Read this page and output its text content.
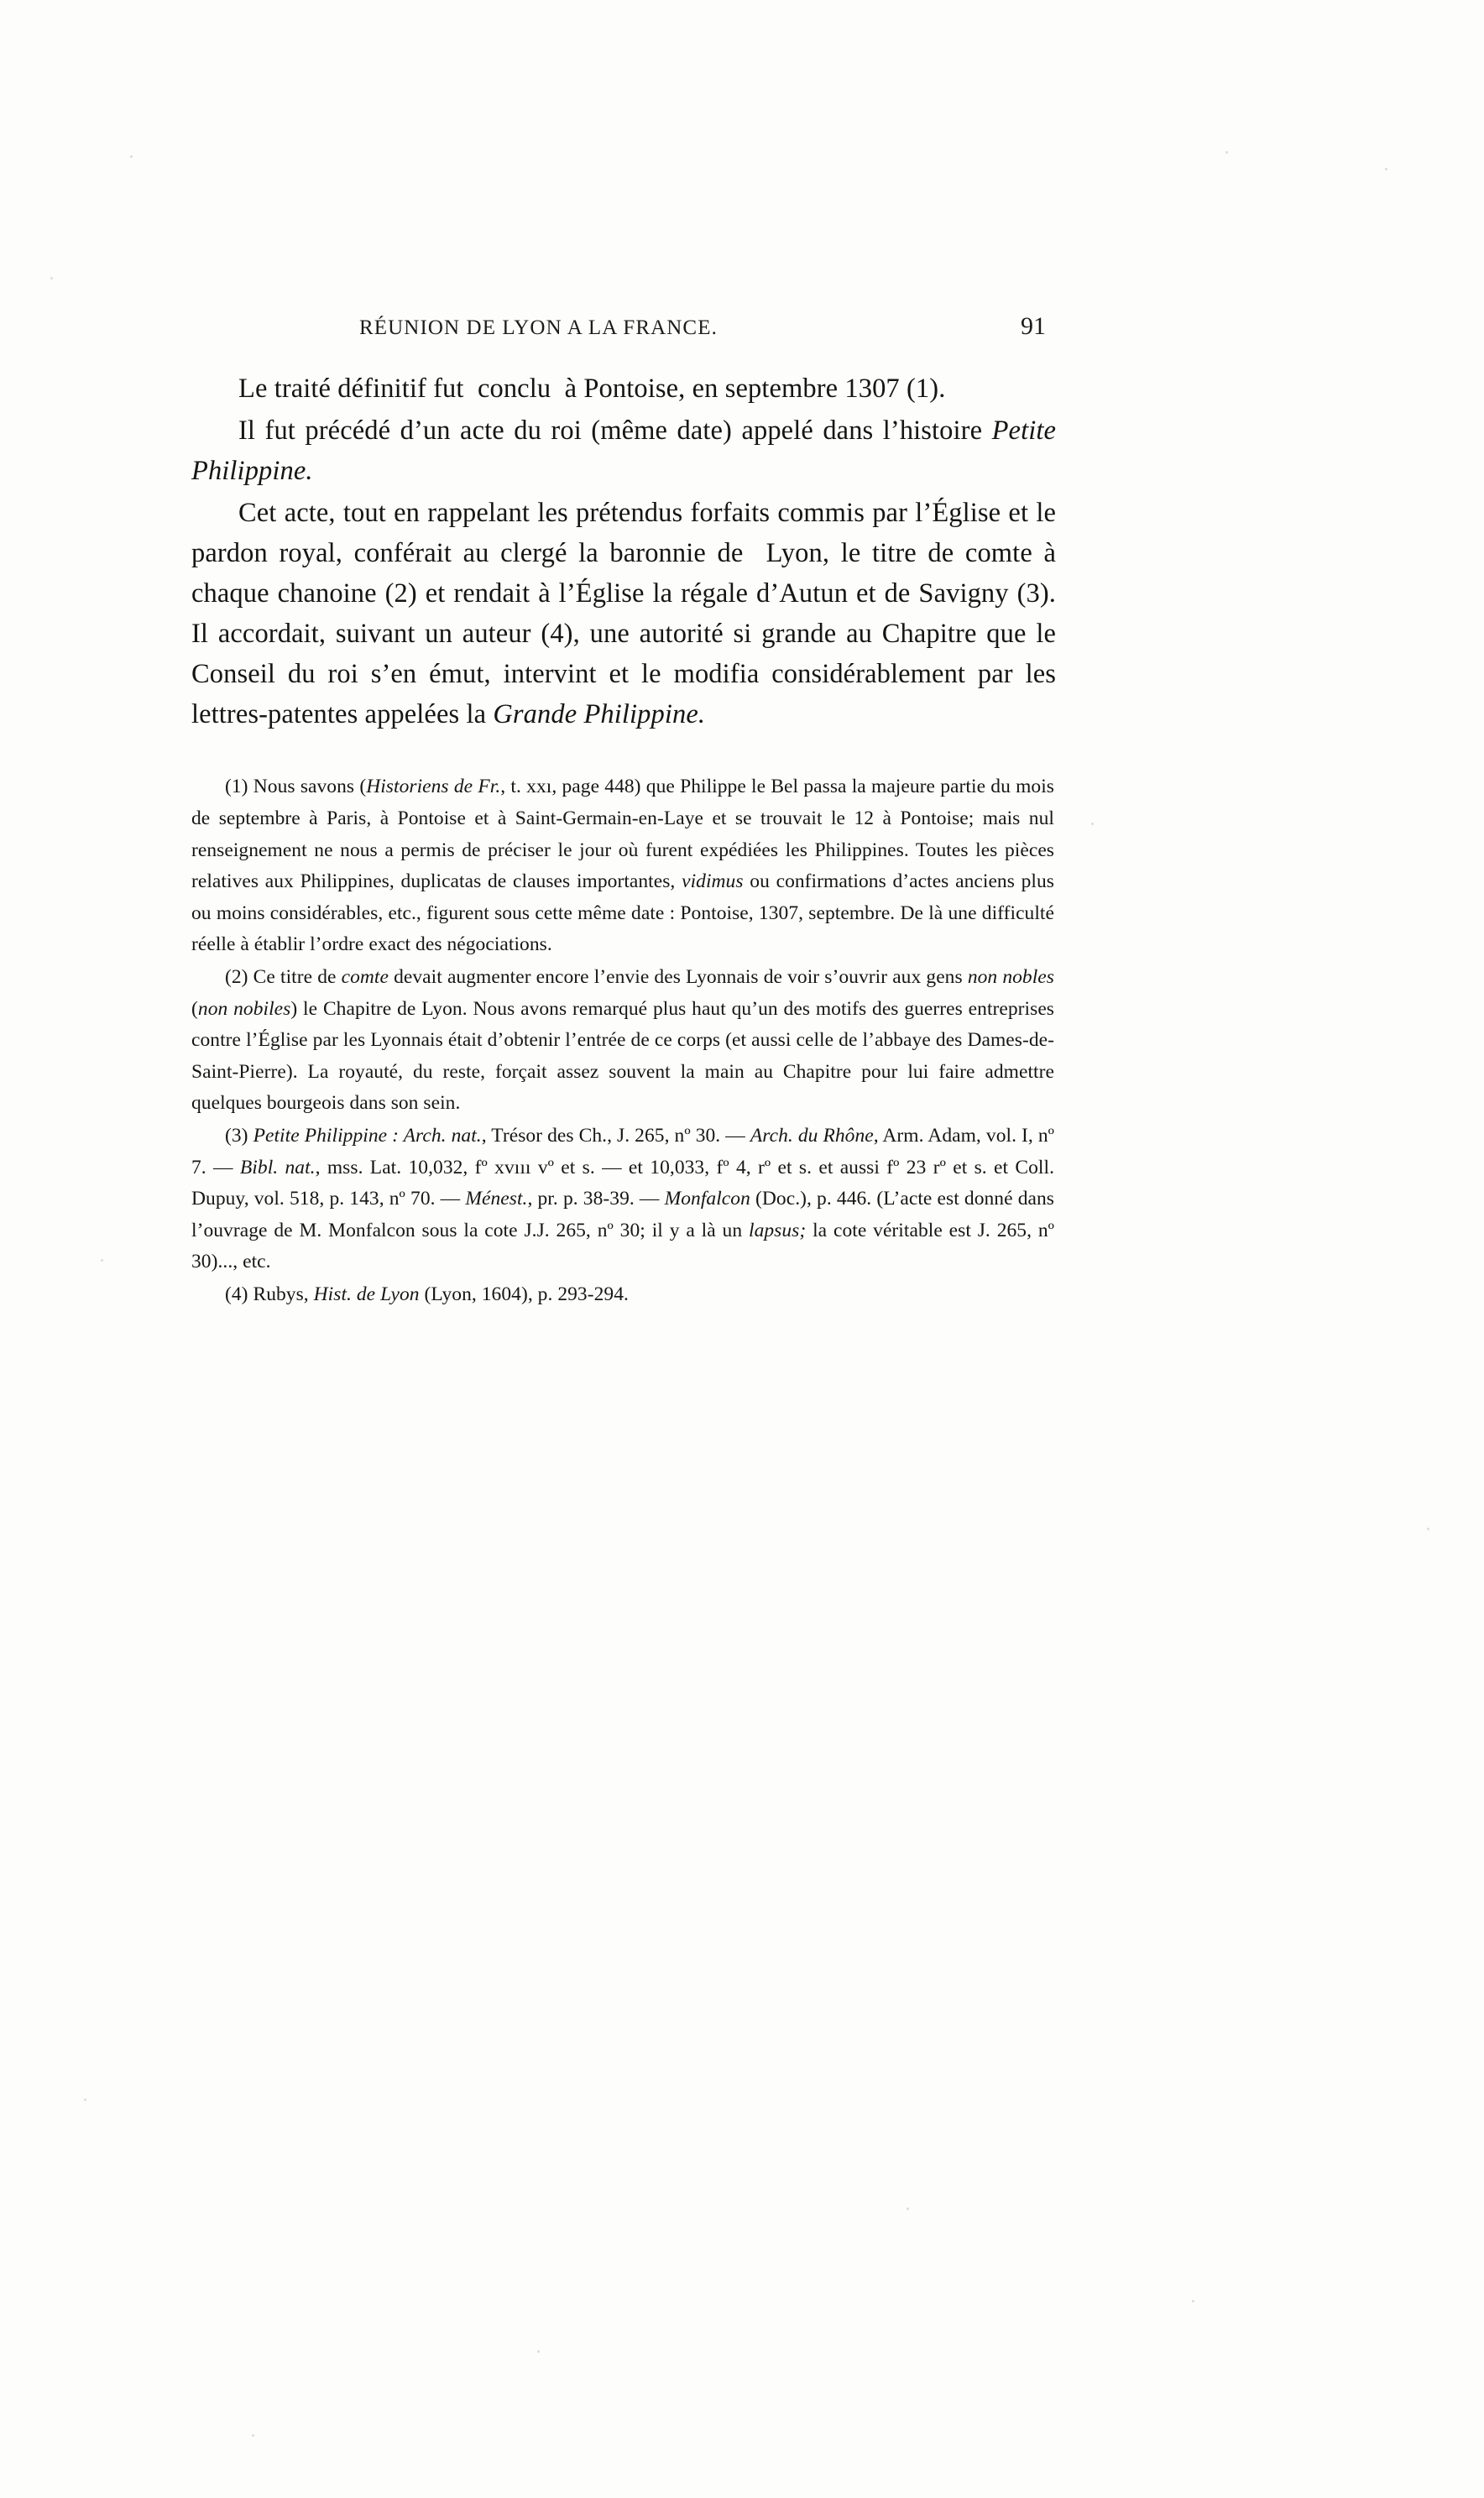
RÉUNION DE LYON A LA FRANCE.	91

Le traité définitif fut  conclu  à Pontoise, en septembre 1307 (1).

Il fut précédé d’un acte du roi (même date) appelé dans l’histoire Petite Philippine.

Cet acte, tout en rappelant les prétendus forfaits commis par l’Église et le pardon royal, conférait au clergé la baronnie de  Lyon, le titre de comte à chaque chanoine (2) et rendait à l’Église la régale d’Autun et de Savigny (3). Il accordait, suivant un auteur (4), une autorité si grande au Chapitre que le Conseil du roi s’en émut, intervint et le modifia considérablement par les lettres-patentes appelées la Grande Philippine.

(1) Nous savons (Historiens de Fr., t. xxı, page 448) que Philippe le Bel passa la majeure partie du mois de septembre à Paris, à Pontoise et à Saint-Germain-en-Laye et se trouvait le 12 à Pontoise; mais nul renseignement ne nous a permis de préciser le jour où furent expédiées les Philippines. Toutes les pièces relatives aux Philippines, duplicatas de clauses importantes, vidimus ou confirmations d’actes anciens plus ou moins considérables, etc., figurent sous cette même date : Pontoise, 1307, septembre. De là une difficulté réelle à établir l’ordre exact des négociations.

(2) Ce titre de comte devait augmenter encore l’envie des Lyonnais de voir s’ouvrir aux gens non nobles (non nobiles) le Chapitre de Lyon. Nous avons remarqué plus haut qu’un des motifs des guerres entreprises contre l’Église par les Lyonnais était d’obtenir l’entrée de ce corps (et aussi celle de l’abbaye des Dames-de-Saint-Pierre). La royauté, du reste, forçait assez souvent la main au Chapitre pour lui faire admettre quelques bourgeois dans son sein.

(3) Petite Philippine : Arch. nat., Trésor des Ch., J. 265, nº 30. — Arch. du Rhône, Arm. Adam, vol. I, nº 7. — Bibl. nat., mss. Lat. 10,032, fº xvııı vº et s. — et 10,033, fº 4, rº et s. et aussi fº 23 rº et s. et Coll. Dupuy, vol. 518, p. 143, nº 70. — Ménest., pr. p. 38-39. — Monfalcon (Doc.), p. 446. (L’acte est donné dans l’ouvrage de M. Monfalcon sous la cote J.J. 265, nº 30; il y a là un lapsus; la cote véritable est J. 265, nº 30)..., etc.

(4) Rubys, Hist. de Lyon (Lyon, 1604), p. 293-294.
